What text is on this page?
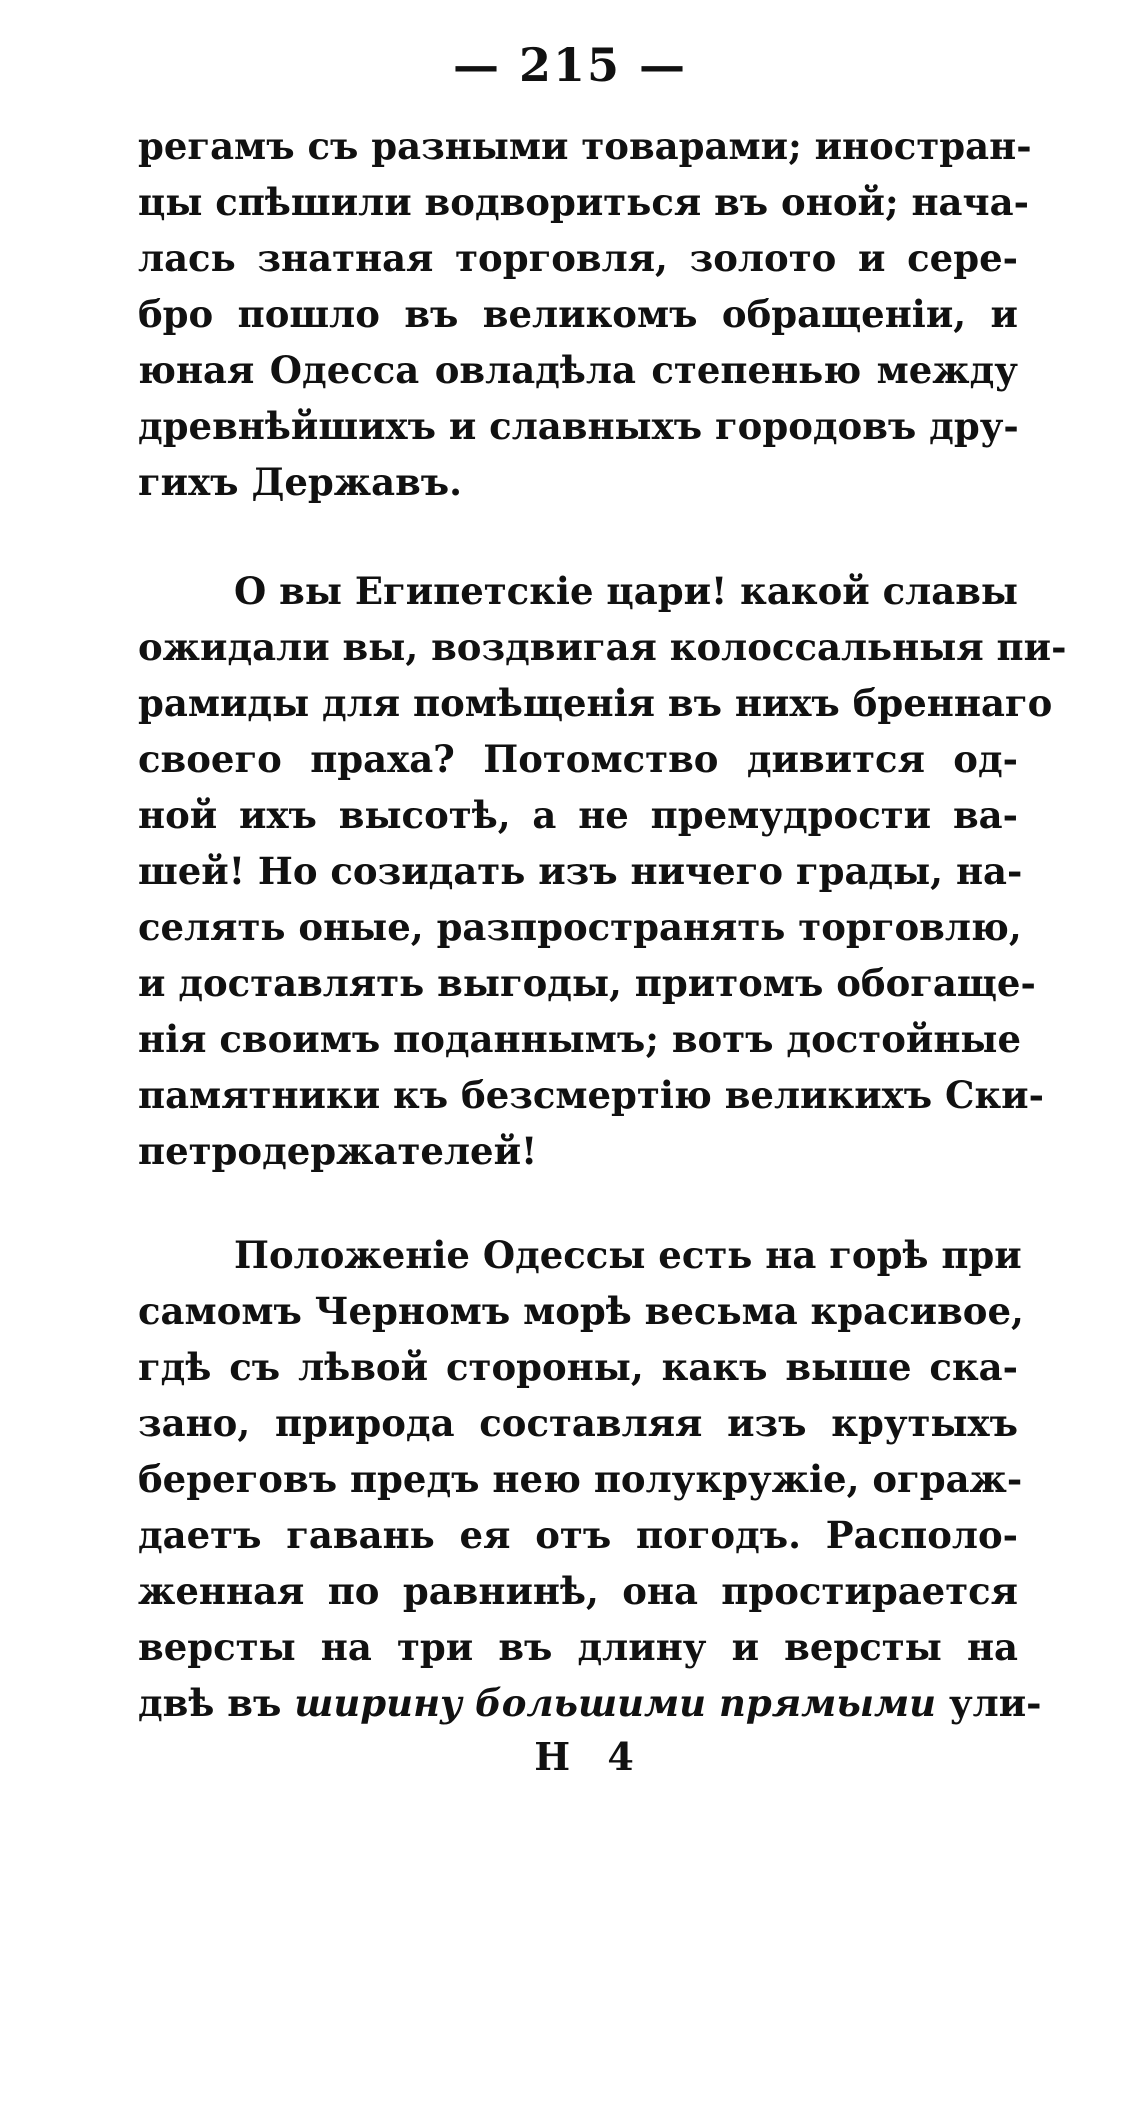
— 215 —
регамъ съ разными товарами; иностран-
цы спѣшили водвориться въ оной; нача-
лась знатная торговля, золото и сере-
бро пошло въ великомъ обращеніи, и
юная Одесса овладѣла степенью между
древнѣйшихъ и славныхъ городовъ дру-
гихъ Державъ.
О вы Египетскіе цари! какой славы
ожидали вы, воздвигая колоссальныя пи-
рамиды для помѣщенія въ нихъ бреннаго
своего праха? Потомство дивится од-
ной ихъ высотѣ, а не премудрости ва-
шей! Но созидать изъ ничего грады, на-
селять оные, разпространять торговлю,
и доставлять выгоды, притомъ обогаще-
нія своимъ поданнымъ; вотъ достойные
памятники къ безсмертію великихъ Ски-
петродержателей!
Положеніе Одессы есть на горѣ при
самомъ Черномъ морѣ весьма красивое,
гдѣ съ лѣвой стороны, какъ выше ска-
зано, природа составляя изъ крутыхъ
береговъ предъ нею полукружіе, ограж-
даетъ гавань ея отъ погодъ. Располо-
женная по равнинѣ, она простирается
версты на три въ длину и версты на
двѣ въ ширину большими прямыми ули-
Н 4
